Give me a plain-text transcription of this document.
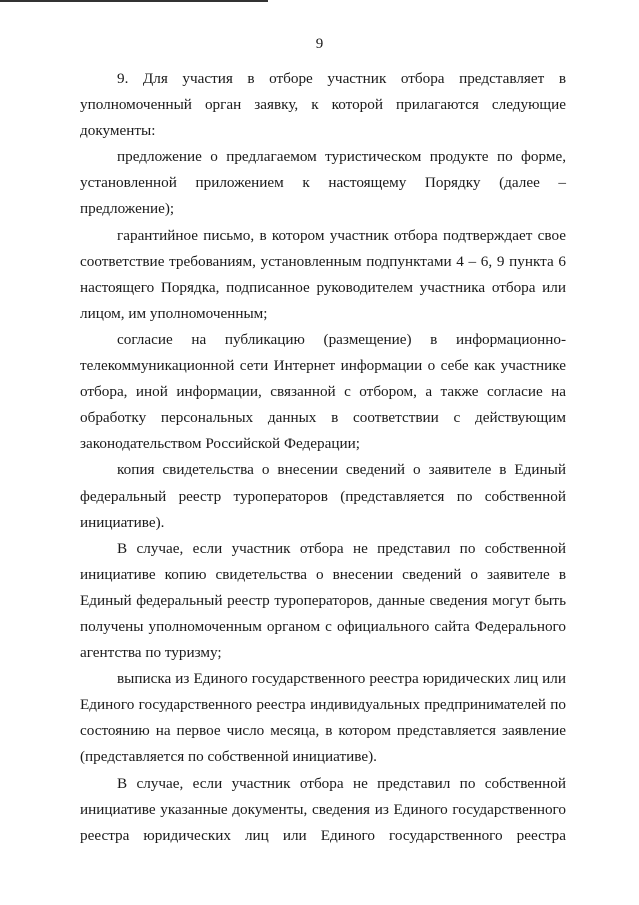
9

9. Для участия в отборе участник отбора представляет в уполномоченный орган заявку, к которой прилагаются следующие документы:

предложение о предлагаемом туристическом продукте по форме, установленной приложением к настоящему Порядку (далее – предложение);

гарантийное письмо, в котором участник отбора подтверждает свое соответствие требованиям, установленным подпунктами 4 – 6, 9 пункта 6 настоящего Порядка, подписанное руководителем участника отбора или лицом, им уполномоченным;

согласие на публикацию (размещение) в информационно-телекоммуникационной сети Интернет информации о себе как участнике отбора, иной информации, связанной с отбором, а также согласие на обработку персональных данных в соответствии с действующим законодательством Российской Федерации;

копия свидетельства о внесении сведений о заявителе в Единый федеральный реестр туроператоров (представляется по собственной инициативе).

В случае, если участник отбора не представил по собственной инициативе копию свидетельства о внесении сведений о заявителе в Единый федеральный реестр туроператоров, данные сведения могут быть получены уполномоченным органом с официального сайта Федерального агентства по туризму;

выписка из Единого государственного реестра юридических лиц или Единого государственного реестра индивидуальных предпринимателей по состоянию на первое число месяца, в котором представляется заявление (представляется по собственной инициативе).

В случае, если участник отбора не представил по собственной инициативе указанные документы, сведения из Единого государственного реестра юридических лиц или Единого государственного реестра
